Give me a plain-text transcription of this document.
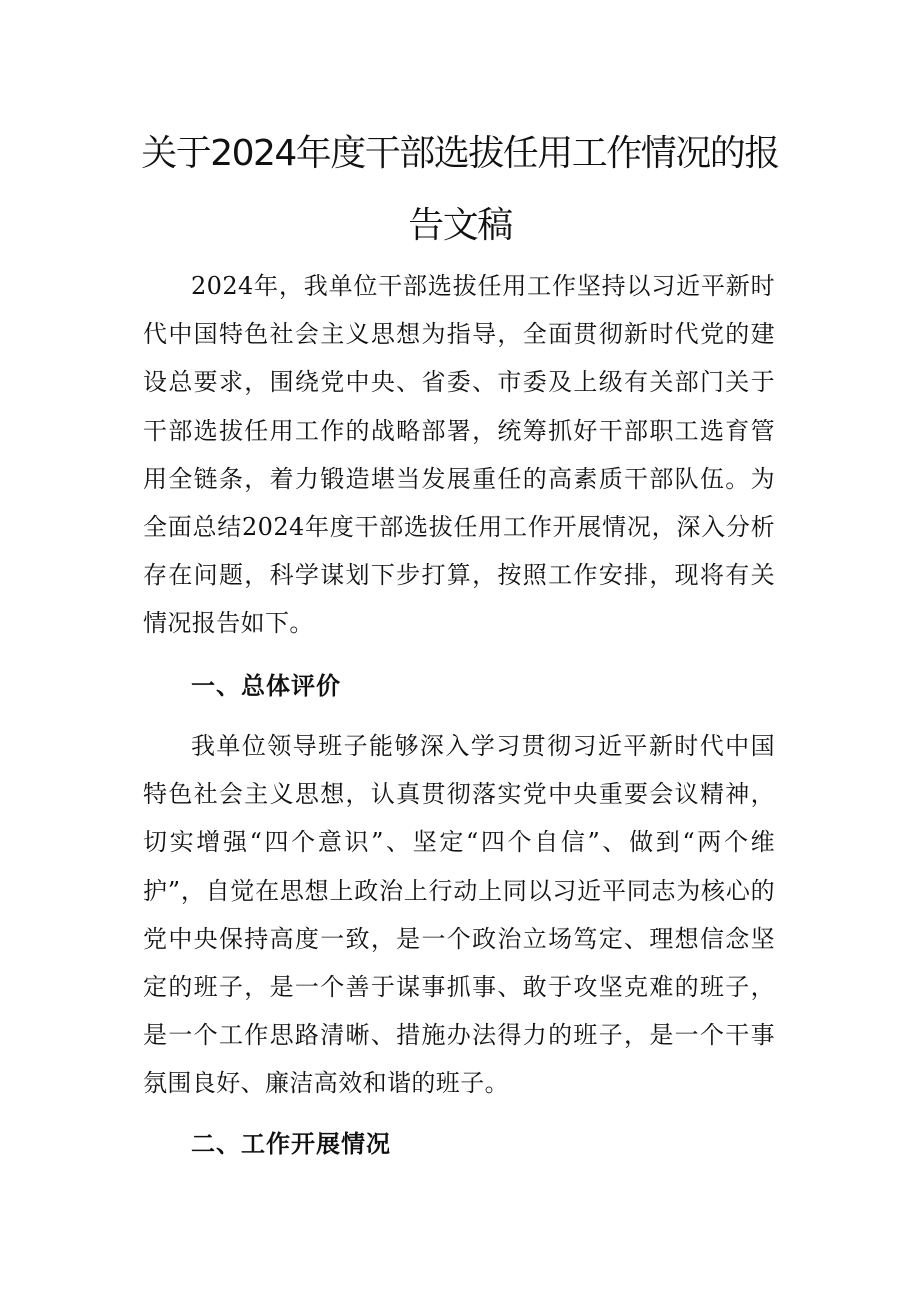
关于2024年度干部选拔任用工作情况的报告文稿

2024年，我单位干部选拔任用工作坚持以习近平新时代中国特色社会主义思想为指导，全面贯彻新时代党的建设总要求，围绕党中央、省委、市委及上级有关部门关于干部选拔任用工作的战略部署，统筹抓好干部职工选育管用全链条，着力锻造堪当发展重任的高素质干部队伍。为全面总结2024年度干部选拔任用工作开展情况，深入分析存在问题，科学谋划下步打算，按照工作安排，现将有关情况报告如下。

一、总体评价

我单位领导班子能够深入学习贯彻习近平新时代中国特色社会主义思想，认真贯彻落实党中央重要会议精神，切实增强“四个意识”、坚定“四个自信”、做到“两个维护”，自觉在思想上政治上行动上同以习近平同志为核心的党中央保持高度一致，是一个政治立场笃定、理想信念坚定的班子，是一个善于谋事抓事、敢于攻坚克难的班子，是一个工作思路清晰、措施办法得力的班子，是一个干事氛围良好、廉洁高效和谐的班子。

二、工作开展情况
